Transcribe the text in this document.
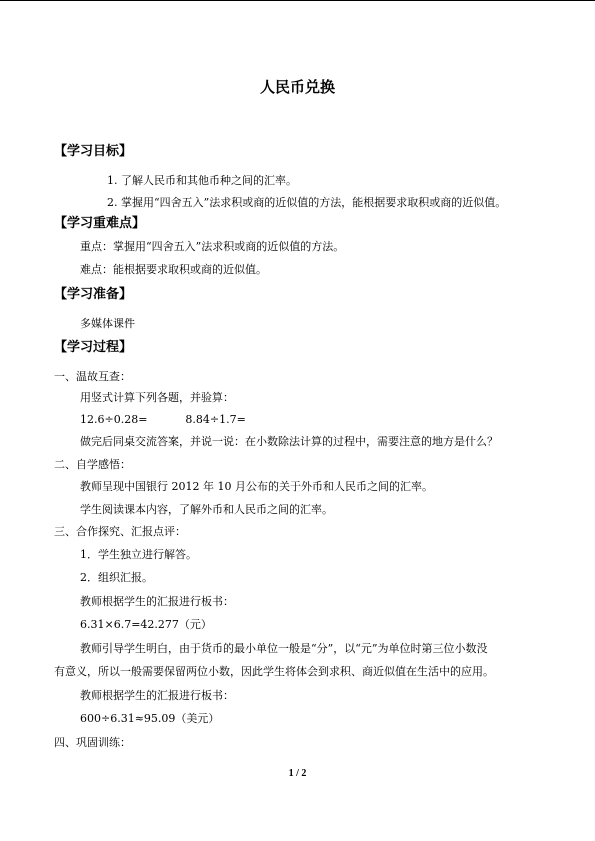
人民币兑换
【学习目标】
1. 了解人民币和其他币种之间的汇率。
2. 掌握用“四舍五入”法求积或商的近似值的方法，能根据要求取积或商的近似值。
【学习重难点】
重点：掌握用“四舍五入”法求积或商的近似值的方法。
难点：能根据要求取积或商的近似值。
【学习准备】
多媒体课件
【学习过程】
一、温故互查：
用竖式计算下列各题，并验算：
12.6÷0.28=	8.84÷1.7=
做完后同桌交流答案，并说一说：在小数除法计算的过程中，需要注意的地方是什么？
二、自学感悟：
教师呈现中国银行 2012 年 10 月公布的关于外币和人民币之间的汇率。
学生阅读课本内容，了解外币和人民币之间的汇率。
三、合作探究、汇报点评：
1．学生独立进行解答。
2．组织汇报。
教师根据学生的汇报进行板书：
6.31×6.7=42.277（元）
教师引导学生明白，由于货币的最小单位一般是“分”，以“元”为单位时第三位小数没
有意义，所以一般需要保留两位小数，因此学生将体会到求积、商近似值在生活中的应用。
教师根据学生的汇报进行板书：
600÷6.31≈95.09（美元）
四、巩固训练：
1 / 2
